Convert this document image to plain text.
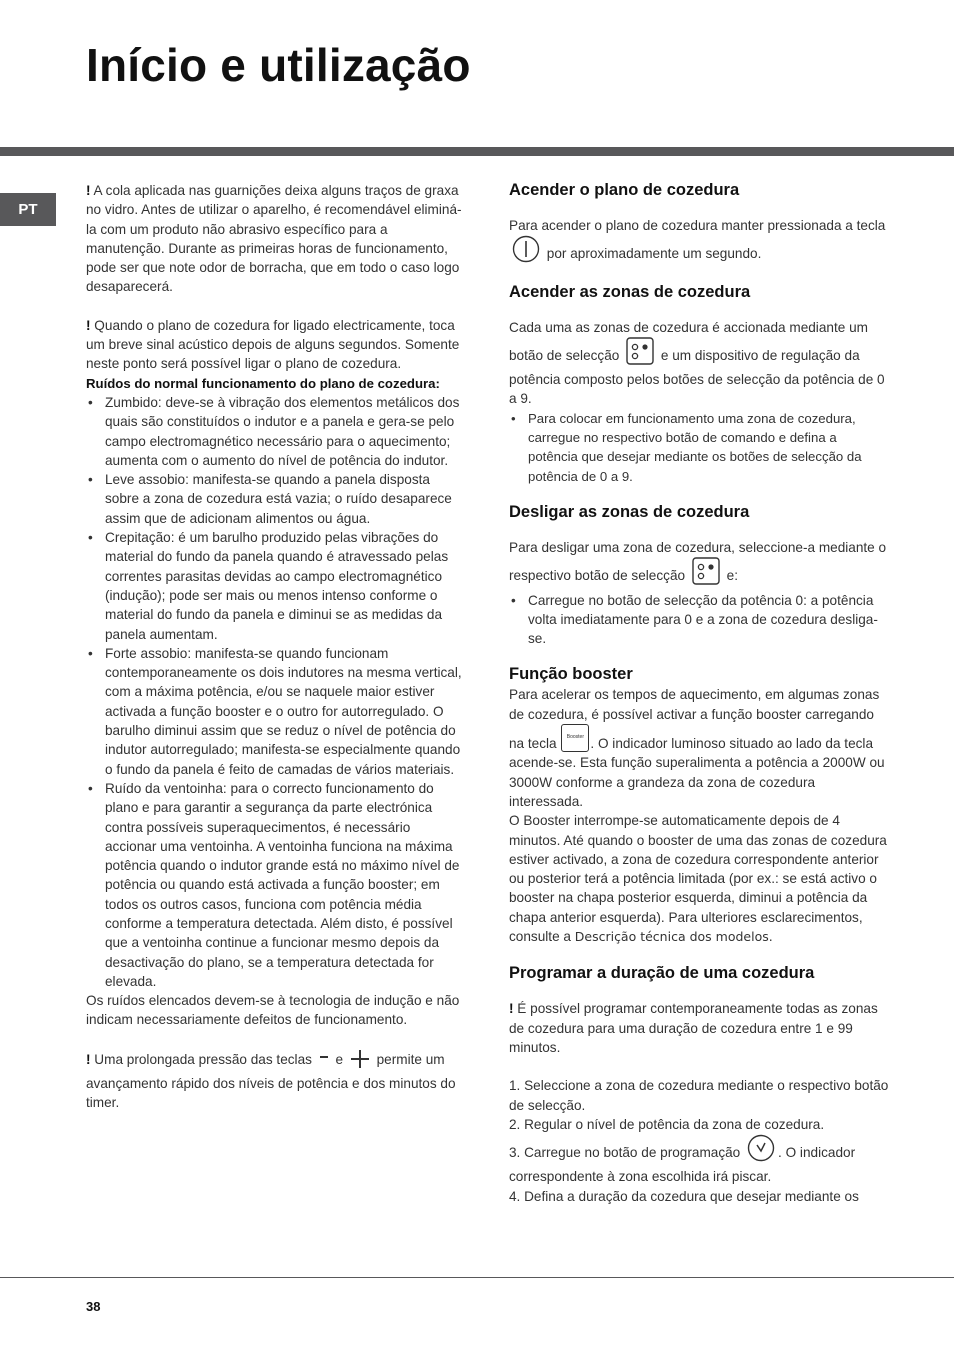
Início e utilização
PT

! A cola aplicada nas guarnições deixa alguns traços de graxa no vidro. Antes de utilizar o aparelho, é recomendável eliminá-la com um produto não abrasivo específico para a manutenção. Durante as primeiras horas de funcionamento, pode ser que note odor de borracha, que em todo o caso logo desaparecerá.

! Quando o plano de cozedura for ligado electricamente, toca um breve sinal acústico depois de alguns segundos. Somente neste ponto será possível ligar o plano de cozedura.

Ruídos do normal funcionamento do plano de cozedura:

• Zumbido: deve-se à vibração dos elementos metálicos dos quais são constituídos o indutor e a panela e gera-se pelo campo electromagnético necessário para o aquecimento; aumenta com o aumento do nível de potência do indutor.
• Leve assobio: manifesta-se quando a panela disposta sobre a zona de cozedura está vazia; o ruído desaparece assim que de adicionam alimentos ou água.
• Crepitação: é um barulho produzido pelas vibrações do material do fundo da panela quando é atravessado pelas correntes parasitas devidas ao campo electromagnético (indução); pode ser mais ou menos intenso conforme o material do fundo da panela e diminui se as medidas da panela aumentam.
• Forte assobio: manifesta-se quando funcionam contemporaneamente os dois indutores na mesma vertical, com a máxima potência, e/ou se naquele maior estiver activada a função booster e o outro for autorregulado. O barulho diminui assim que se reduz o nível de potência do indutor autorregulado; manifesta-se especialmente quando o fundo da panela é feito de camadas de vários materiais.
• Ruído da ventoinha: para o correcto funcionamento do plano e para garantir a segurança da parte electrónica contra possíveis superaquecimentos, é necessário accionar uma ventoinha. A ventoinha funciona na máxima potência quando o indutor grande está no máximo nível de potência ou quando está activada a função booster; em todos os outros casos, funciona com potência média conforme a temperatura detectada. Além disto, é possível que a ventoinha continue a funcionar mesmo depois da desactivação do plano, se a temperatura detectada for elevada.

Os ruídos elencados devem-se à tecnologia de indução e não indicam necessariamente defeitos de funcionamento.

! Uma prolongada pressão das teclas  e  permite um avançamento rápido dos níveis de potência e dos minutos do timer.

Acender o plano de cozedura

Para acender o plano de cozedura manter pressionada a tecla  por aproximadamente um segundo.

Acender as zonas de cozedura

Cada uma as zonas de cozedura é accionada mediante um botão de selecção	e um dispositivo de regulação da potência composto pelos botões de selecção da potência de 0 a 9.

• Para colocar em funcionamento uma zona de cozedura, carregue no respectivo botão de comando e defina a potência que desejar mediante os botões de selecção da potência de 0 a 9.
Desligar as zonas de cozedura

Para desligar uma zona de cozedura, seleccione-a mediante o respectivo botão de selecção	e:

• Carregue no botão de selecção da potência 0: a potência volta imediatamente para 0 e a zona de cozedura desliga-se.
Função booster

Para acelerar os tempos de aquecimento, em algumas zonas de cozedura, é possível activar a função booster carregando na tecla	Booster . O indicador luminoso situado ao lado da tecla acende-se. Esta função superalimenta a potência a 2000W ou 3000W conforme a grandeza da zona de cozedura interessada.

O Booster interrompe-se automaticamente depois de 4 minutos. Até quando o booster de uma das zonas de cozedura estiver activado, a zona de cozedura correspondente anterior ou posterior terá a potência limitada (por ex.: se está activo o booster na chapa posterior esquerda, diminui a potência da chapa anterior esquerda). Para ulteriores esclarecimentos, consulte a Descrição técnica dos modelos.

Programar a duração de uma cozedura

! É possível programar contemporaneamente todas as zonas de cozedura para uma duração de cozedura entre 1 e 99 minutos.

1. Seleccione a zona de cozedura mediante o respectivo botão de selecção.

2. Regular o nível de potência da zona de cozedura.

3. Carregue no botão de programação	. O indicador correspondente à zona escolhida irá piscar.

4. Defina a duração da cozedura que desejar mediante os

38
